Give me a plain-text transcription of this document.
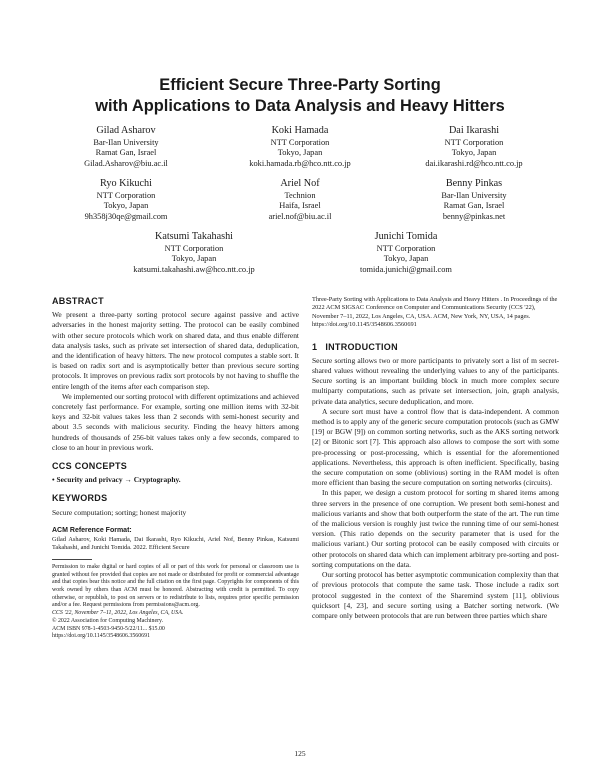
Efficient Secure Three-Party Sorting
with Applications to Data Analysis and Heavy Hitters
Gilad Asharov
Bar-Ilan University
Ramat Gan, Israel
Gilad.Asharov@biu.ac.il
Koki Hamada
NTT Corporation
Tokyo, Japan
koki.hamada.rb@hco.ntt.co.jp
Dai Ikarashi
NTT Corporation
Tokyo, Japan
dai.ikarashi.rd@hco.ntt.co.jp
Ryo Kikuchi
NTT Corporation
Tokyo, Japan
9h358j30qe@gmail.com
Ariel Nof
Technion
Haifa, Israel
ariel.nof@biu.ac.il
Benny Pinkas
Bar-Ilan University
Ramat Gan, Israel
benny@pinkas.net
Katsumi Takahashi
NTT Corporation
Tokyo, Japan
katsumi.takahashi.aw@hco.ntt.co.jp
Junichi Tomida
NTT Corporation
Tokyo, Japan
tomida.junichi@gmail.com
ABSTRACT

We present a three-party sorting protocol secure against passive and active adversaries in the honest majority setting. The protocol can be easily combined with other secure protocols which work on shared data, and thus enable different data analysis tasks, such as private set intersection of shared data, deduplication, and the identification of heavy hitters. The new protocol computes a stable sort. It is based on radix sort and is asymptotically better than previous secure sorting protocols. It improves on previous radix sort protocols by not having to shuffle the entire length of the items after each comparison step.

We implemented our sorting protocol with different optimizations and achieved concretely fast performance. For example, sorting one million items with 32-bit keys and 32-bit values takes less than 2 seconds with semi-honest security and about 3.5 seconds with malicious security. Finding the heavy hitters among hundreds of thousands of 256-bit values takes only a few seconds, compared to close to an hour in previous work.

CCS CONCEPTS

• Security and privacy → Cryptography.

KEYWORDS

Secure computation; sorting; honest majority

ACM Reference Format:

Gilad Asharov, Koki Hamada, Dai Ikarashi, Ryo Kikuchi, Ariel Nof, Benny Pinkas, Katsumi Takahashi, and Junichi Tomida. 2022. Efficient Secure

Permission to make digital or hard copies of all or part of this work for personal or classroom use is granted without fee provided that copies are not made or distributed for profit or commercial advantage and that copies bear this notice and the full citation on the first page. Copyrights for components of this work owned by others than ACM must be honored. Abstracting with credit is permitted. To copy otherwise, or republish, to post on servers or to redistribute to lists, requires prior specific permission and/or a fee. Request permissions from permissions@acm.org.

CCS '22, November 7–11, 2022, Los Angeles, CA, USA.
© 2022 Association for Computing Machinery.
ACM ISBN 978-1-4503-9450-5/22/11... $15.00
https://doi.org/10.1145/3548606.3560691

Three-Party Sorting with Applications to Data Analysis and Heavy Hitters . In Proceedings of the 2022 ACM SIGSAC Conference on Computer and Communications Security (CCS '22), November 7–11, 2022, Los Angeles, CA, USA. ACM, New York, NY, USA, 14 pages. https://doi.org/10.1145/3548606.3560691

1 INTRODUCTION

Secure sorting allows two or more participants to privately sort a list of m secret-shared values without revealing the underlying values to any of the participants. Secure sorting is an important building block in much more complex secure multiparty computations, such as private set intersection, join, graph analysis, private data analytics, secure deduplication, and more.

A secure sort must have a control flow that is data-independent. A common method is to apply any of the generic secure computation protocols (such as GMW [19] or BGW [9]) on common sorting networks, such as the AKS sorting network [2] or Bitonic sort [7]. This approach also allows to compose the sort with some pre-processing or post-processing, which is essential for the aforementioned applications. Nevertheless, this approach is often inefficient. Specifically, basing the secure computation on some (oblivious) sorting in the RAM model is often more efficient than basing the secure computation on sorting networks (circuits).

In this paper, we design a custom protocol for sorting m shared items among three servers in the presence of one corruption. We present both semi-honest and malicious variants and show that both outperform the state of the art. The run time of the malicious version is roughly just twice the running time of our semi-honest version. (This ratio depends on the security parameter that is used for the malicious variant.) Our sorting protocol can be easily composed with circuits or other protocols on shared data which can implement arbitrary pre-sorting and post-sorting computations on the data.

Our sorting protocol has better asymptotic communication complexity than that of previous protocols that compute the same task. Those include a radix sort protocol suggested in the context of the Sharemind system [11], oblivious quicksort [4, 23], and secure sorting using a Batcher sorting network. (We compare only between protocols that are run between three parties which share

125
